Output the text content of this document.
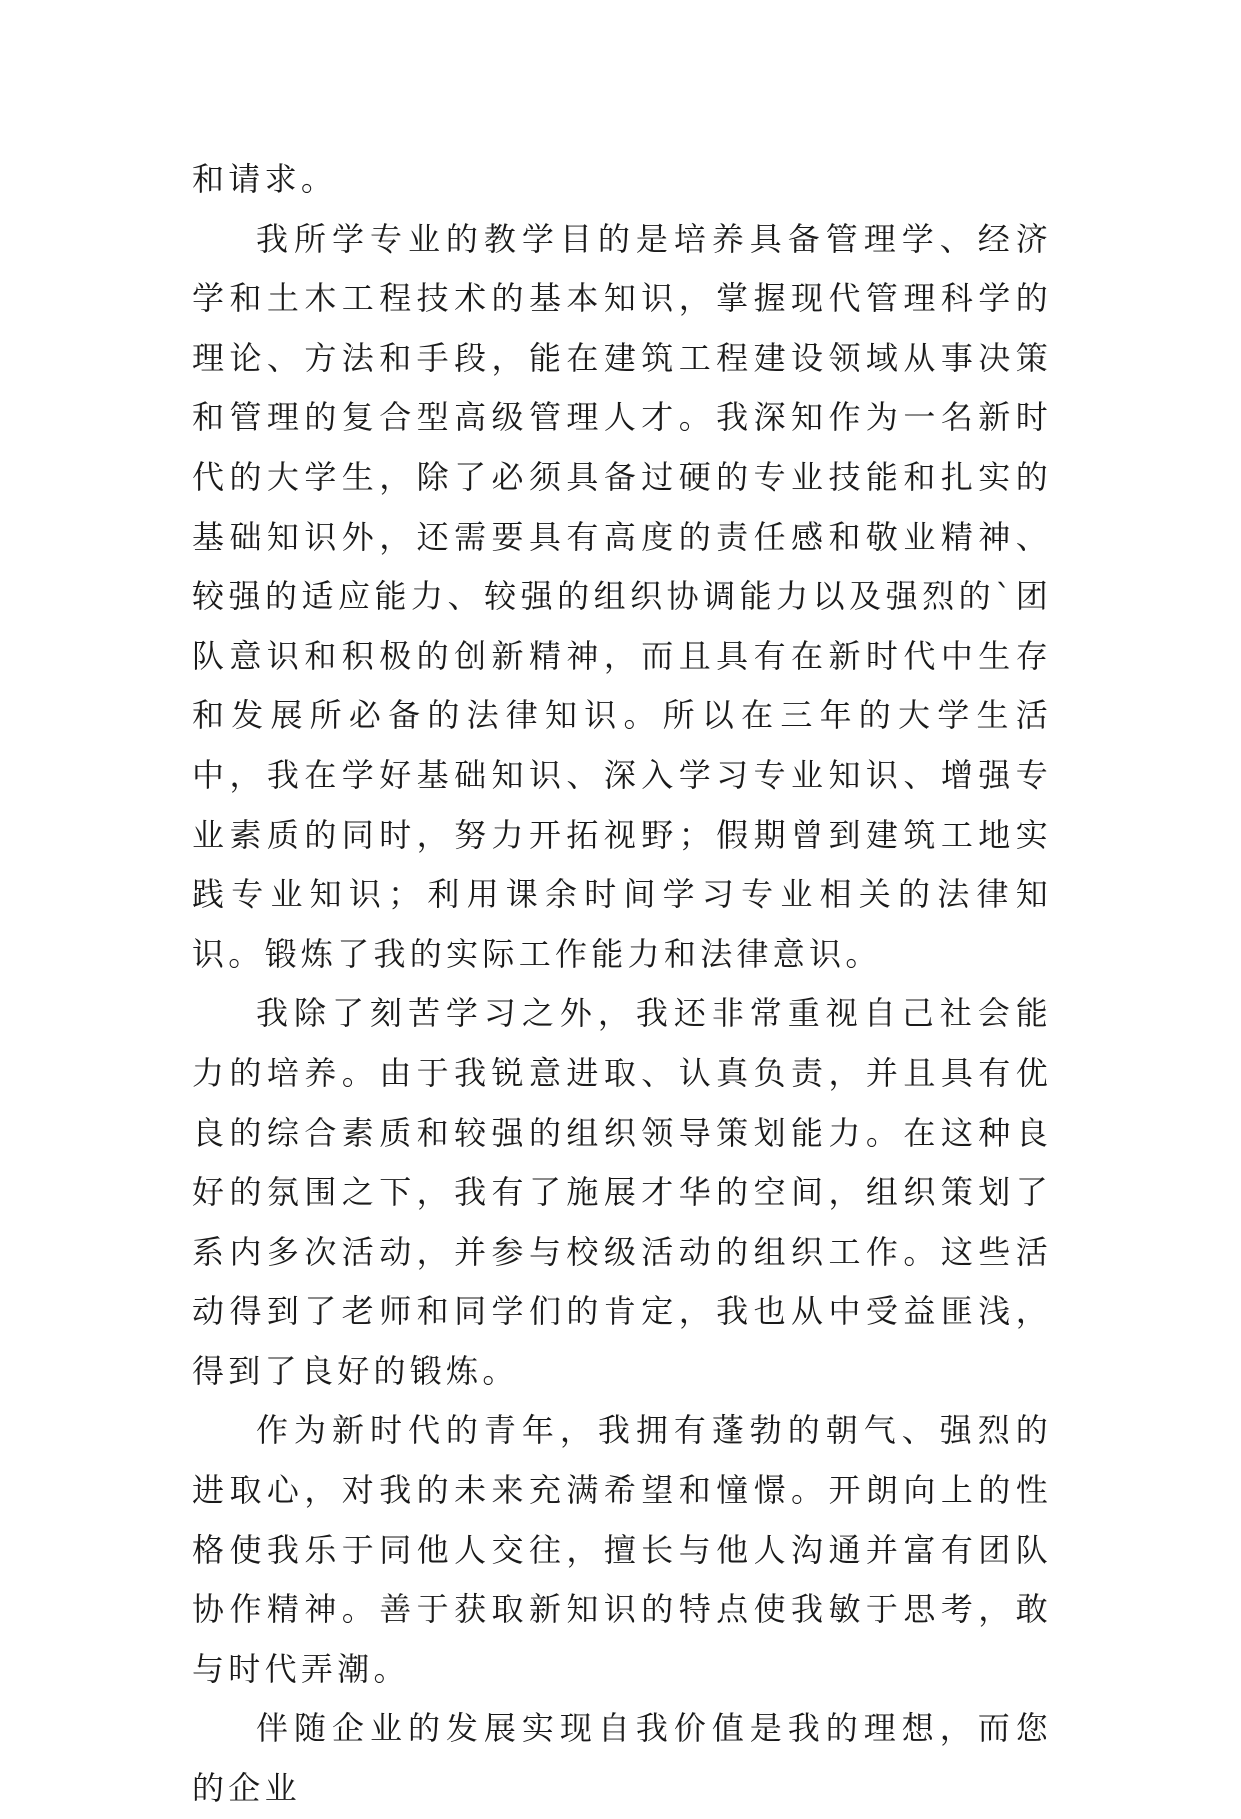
和请求。

我所学专业的教学目的是培养具备管理学、经济学和土木工程技术的基本知识，掌握现代管理科学的理论、方法和手段，能在建筑工程建设领域从事决策和管理的复合型高级管理人才。我深知作为一名新时代的大学生，除了必须具备过硬的专业技能和扎实的基础知识外，还需要具有高度的责任感和敬业精神、较强的适应能力、较强的组织协调能力以及强烈的`团队意识和积极的创新精神，而且具有在新时代中生存和发展所必备的法律知识。所以在三年的大学生活中，我在学好基础知识、深入学习专业知识、增强专业素质的同时，努力开拓视野；假期曾到建筑工地实践专业知识；利用课余时间学习专业相关的法律知识。锻炼了我的实际工作能力和法律意识。

我除了刻苦学习之外，我还非常重视自己社会能力的培养。由于我锐意进取、认真负责，并且具有优良的综合素质和较强的组织领导策划能力。在这种良好的氛围之下，我有了施展才华的空间，组织策划了系内多次活动，并参与校级活动的组织工作。这些活动得到了老师和同学们的肯定，我也从中受益匪浅，得到了良好的锻炼。

作为新时代的青年，我拥有蓬勃的朝气、强烈的进取心，对我的未来充满希望和憧憬。开朗向上的性格使我乐于同他人交往，擅长与他人沟通并富有团队协作精神。善于获取新知识的特点使我敏于思考，敢与时代弄潮。

伴随企业的发展实现自我价值是我的理想，而您的企业
